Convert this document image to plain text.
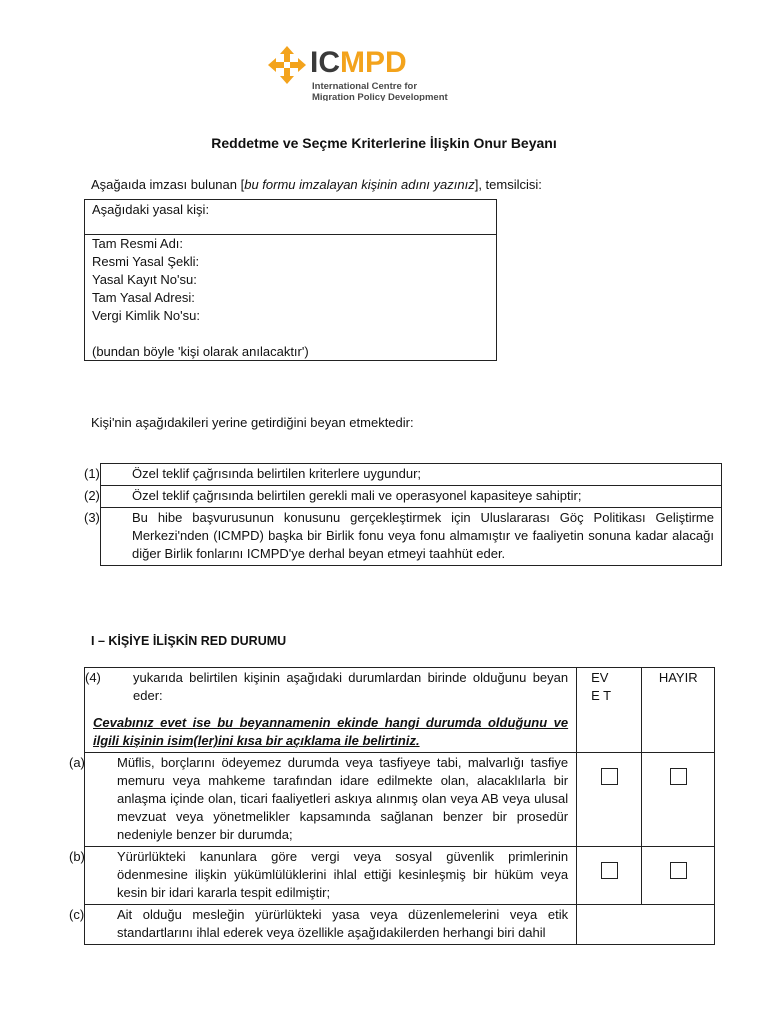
ICMPD
International Centre for
Migration Policy Development
Reddetme ve Seçme Kriterlerine İlişkin Onur Beyanı
Aşağaıda imzası bulunan [bu formu imzalayan kişinin adını yazınız], temsilcisi:
Aşağıdaki yasal kişi:
Tam Resmi Adı:
Resmi Yasal Şekli:
Yasal Kayıt No'su:
Tam Yasal Adresi:
Vergi Kimlik No'su:
(bundan böyle 'kişi olarak anılacaktır')
Kişi'nin aşağıdakileri yerine getirdiğini beyan etmektedir:
(1) Özel teklif çağrısında belirtilen kriterlere uygundur;

(2) Özel teklif çağrısında belirtilen gerekli mali ve operasyonel kapasiteye sahiptir;

(3) Bu hibe başvurusunun konusunu gerçekleştirmek için Uluslararası Göç Politikası Geliştirme Merkezi'nden (ICMPD) başka bir Birlik fonu veya fonu almamıştır ve faaliyetin sonuna kadar alacağı diğer Birlik fonlarını ICMPD'ye derhal beyan etmeyi taahhüt eder.
I – KİŞİYE İLİŞKİN RED DURUMU
(4) yukarıda belirtilen kişinin aşağıdaki durumlardan birinde olduğunu beyan eder:
Cevabınız evet ise bu beyannamenin ekinde hangi durumda olduğunu ve ilgili kişinin isim(ler)ini kısa bir açıklama ile belirtiniz.	EVE T	HAYIR

(a) Müflis, borçlarını ödeyemez durumda veya tasfiyeye tabi, malvarlığı tasfiye memuru veya mahkeme tarafından idare edilmekte olan, alacaklılarla bir anlaşma içinde olan, ticari faaliyetleri askıya alınmış olan veya AB veya ulusal mevzuat veya yönetmelikler kapsamında sağlanan benzer bir prosedür nedeniyle benzer bir durumda;		

(b) Yürürlükteki kanunlara göre vergi veya sosyal güvenlik primlerinin ödenmesine ilişkin yükümlülüklerini ihlal ettiği kesinleşmiş bir hüküm veya kesin bir idari kararla tespit edilmiştir;		

(c) Ait olduğu mesleğin yürürlükteki yasa veya düzenlemelerini veya etik standartlarını ihlal ederek veya özellikle aşağıdakilerden herhangi biri dahil		
